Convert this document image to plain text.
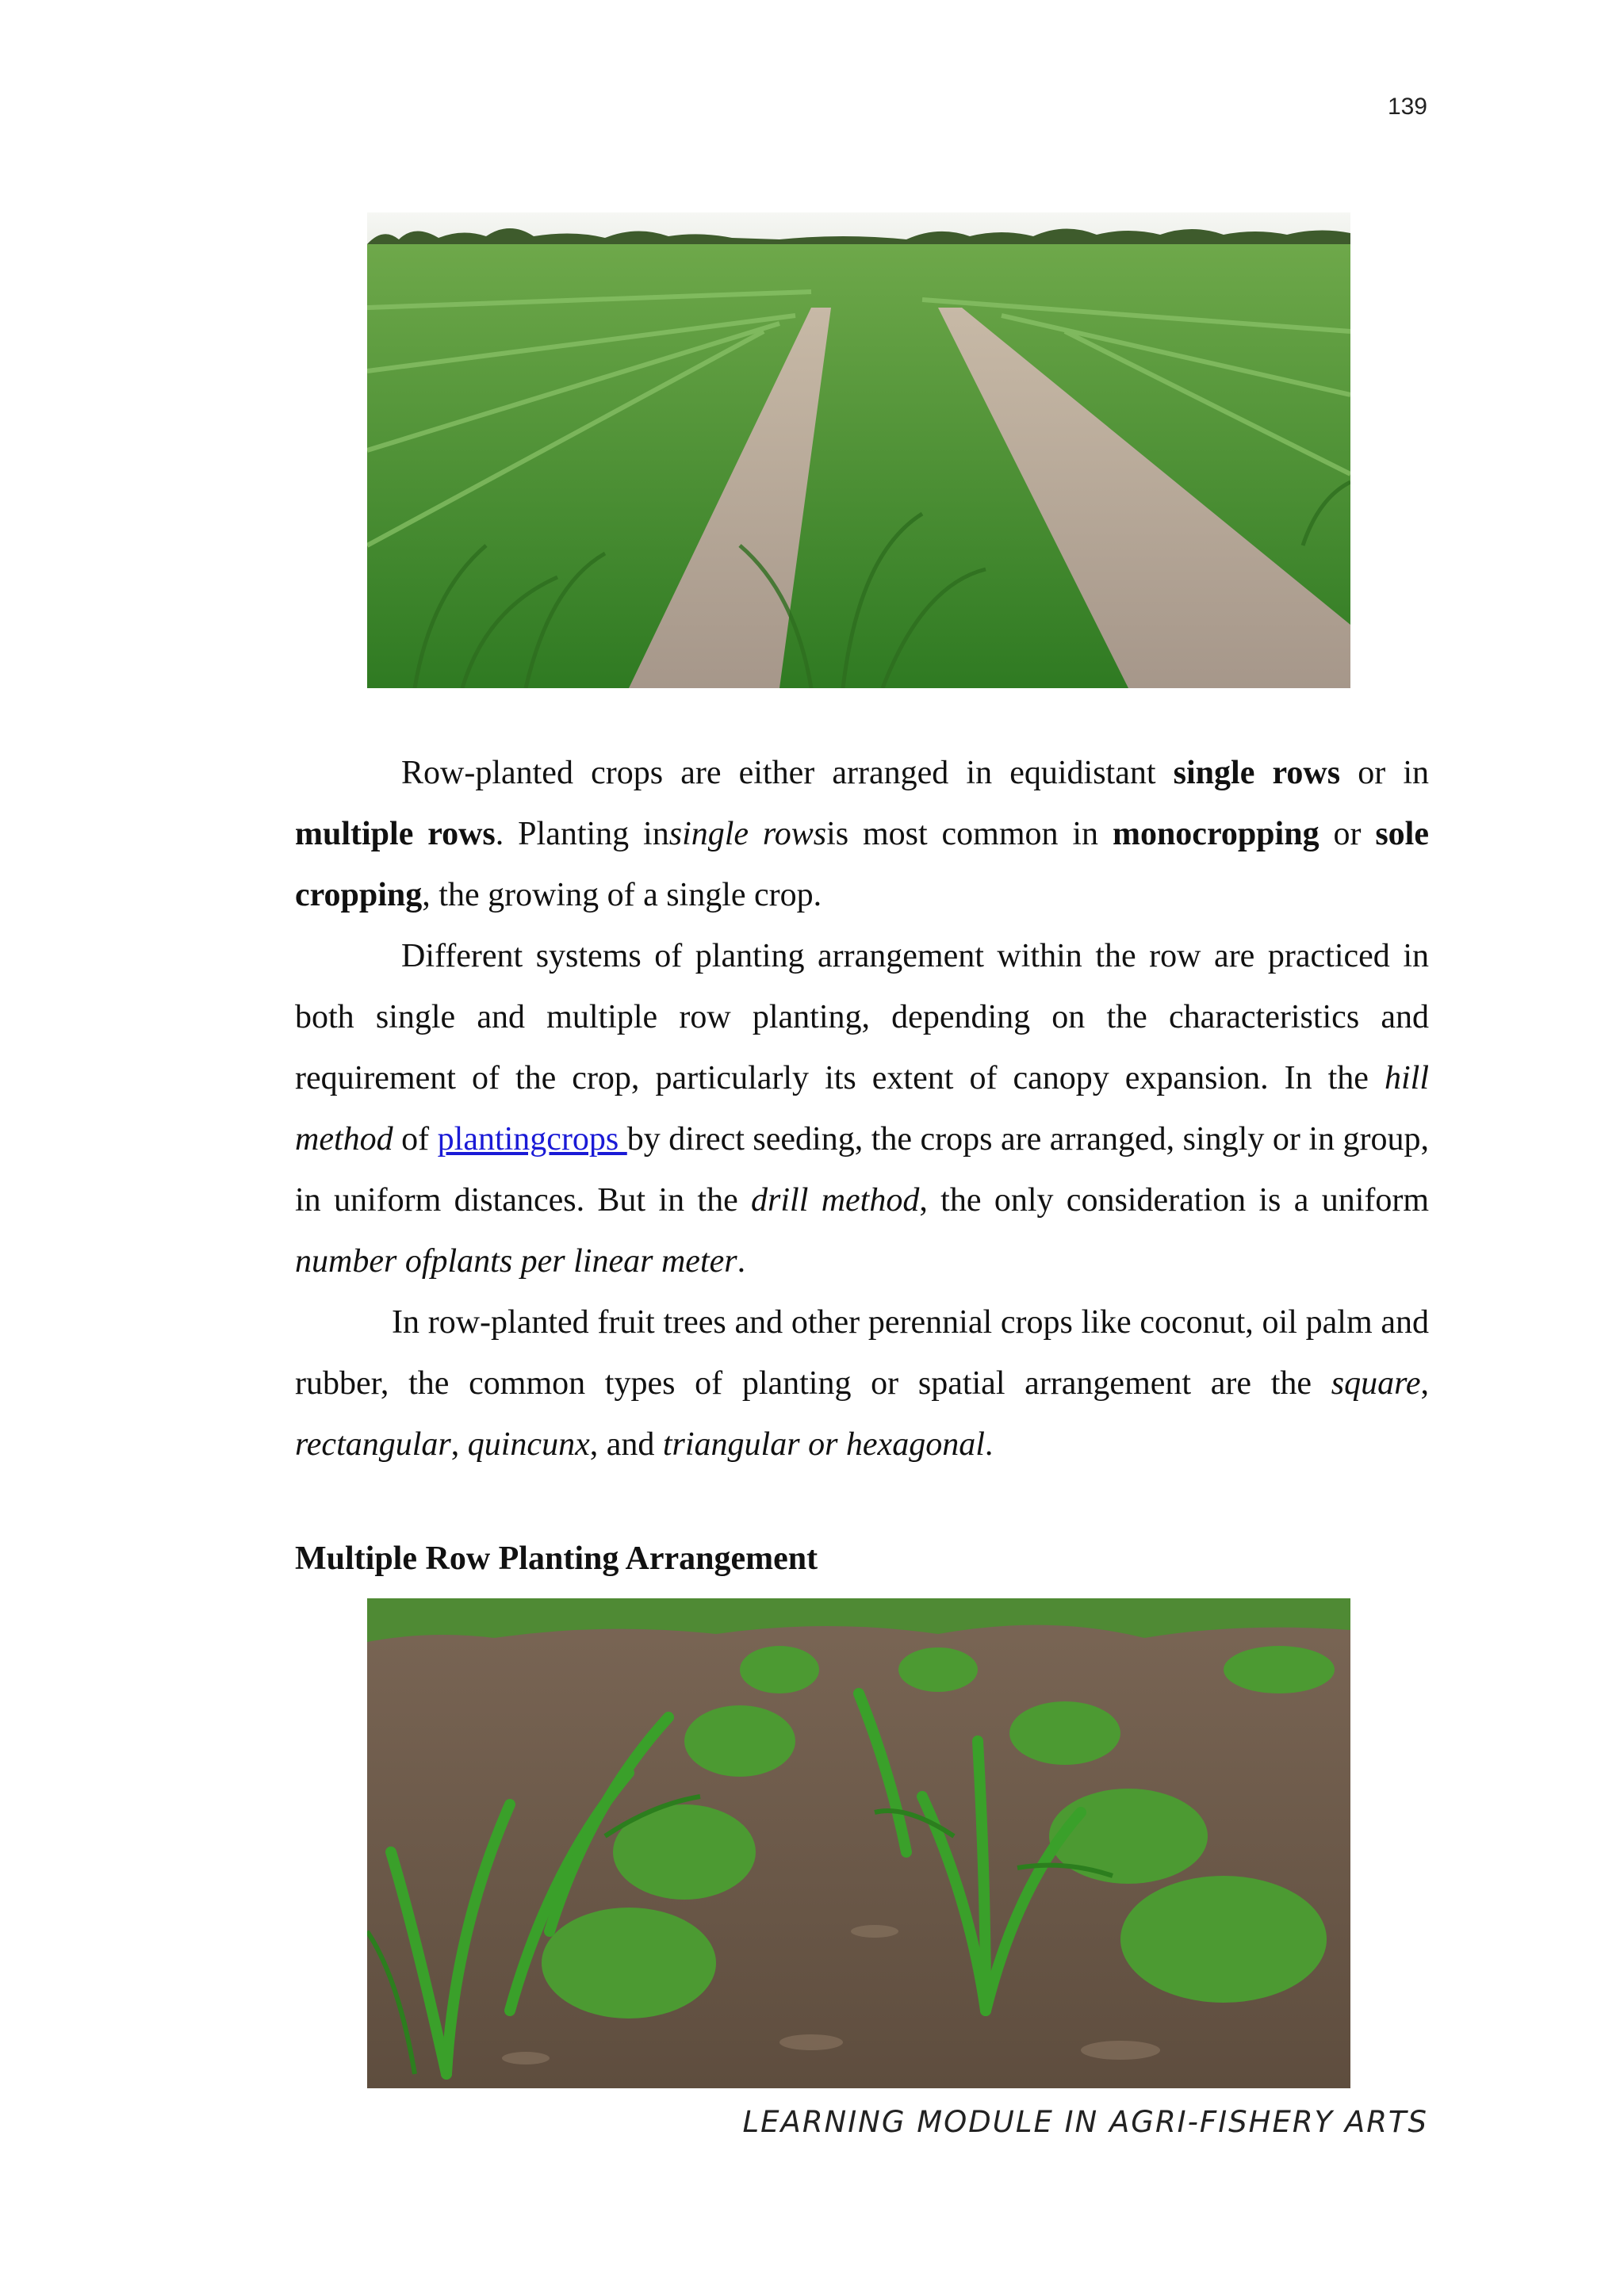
139

Row-planted crops are either arranged in equidistant single rows or in multiple rows. Planting insingle rowsis most common in monocropping or sole cropping, the growing of a single crop.

Different systems of planting arrangement within the row are practiced in both single and multiple row planting, depending on the characteristics and requirement of the crop, particularly its extent of canopy expansion. In the hill method of plantingcrops by direct seeding, the crops are arranged, singly or in group, in uniform distances. But in the drill method, the only consideration is a uniform number ofplants per linear meter.

In row-planted fruit trees and other perennial crops like coconut, oil palm and rubber, the common types of planting or spatial arrangement are the square, rectangular, quincunx, and triangular or hexagonal.

Multiple Row Planting Arrangement
LEARNING MODULE IN AGRI-FISHERY ARTS
